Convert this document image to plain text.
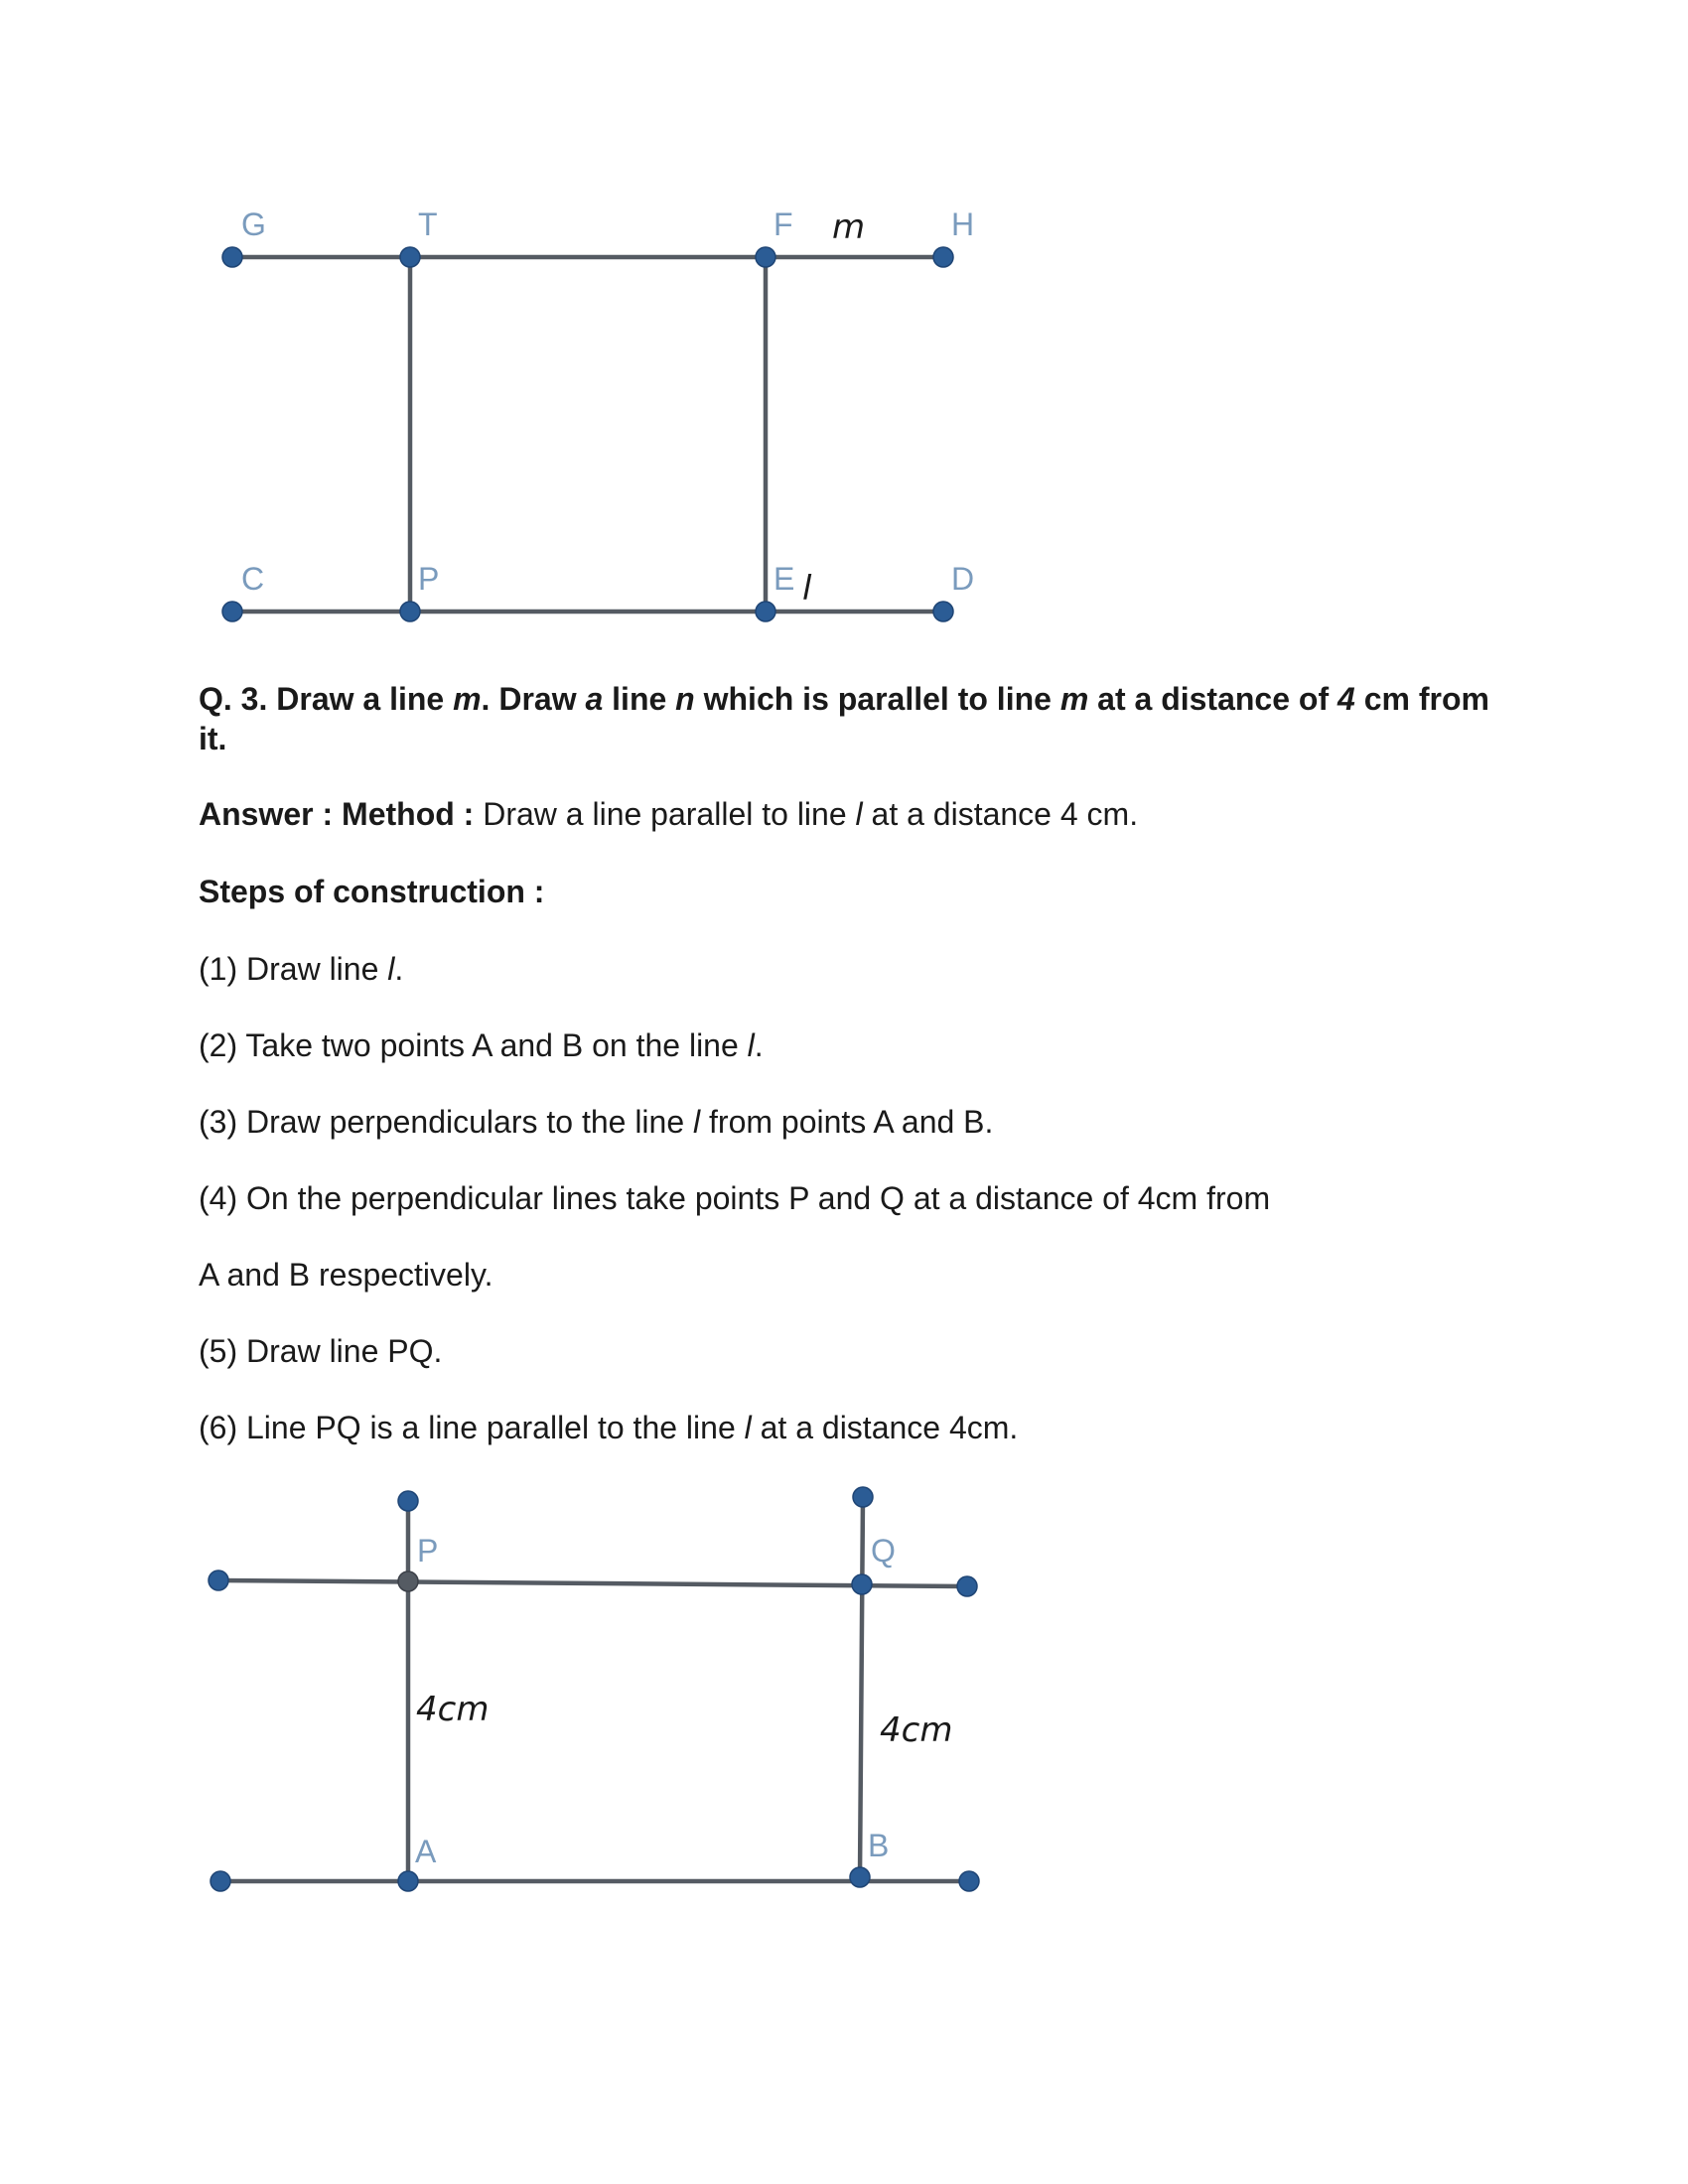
G	T	F m	H
C	P	E l	D

Q. 3. Draw a line m. Draw a line n which is parallel to line m at a distance of 4 cm from it.

Answer : Method : Draw a line parallel to line l at a distance 4 cm.

Steps of construction :

(1) Draw line l.

(2) Take two points A and B on the line l.

(3) Draw perpendiculars to the line l from points A and B.

(4) On the perpendicular lines take points P and Q at a distance of 4cm from

A and B respectively.

(5) Draw line PQ.

(6) Line PQ is a line parallel to the line l at a distance 4cm.

P	Q
A	B
4cm
4cm
